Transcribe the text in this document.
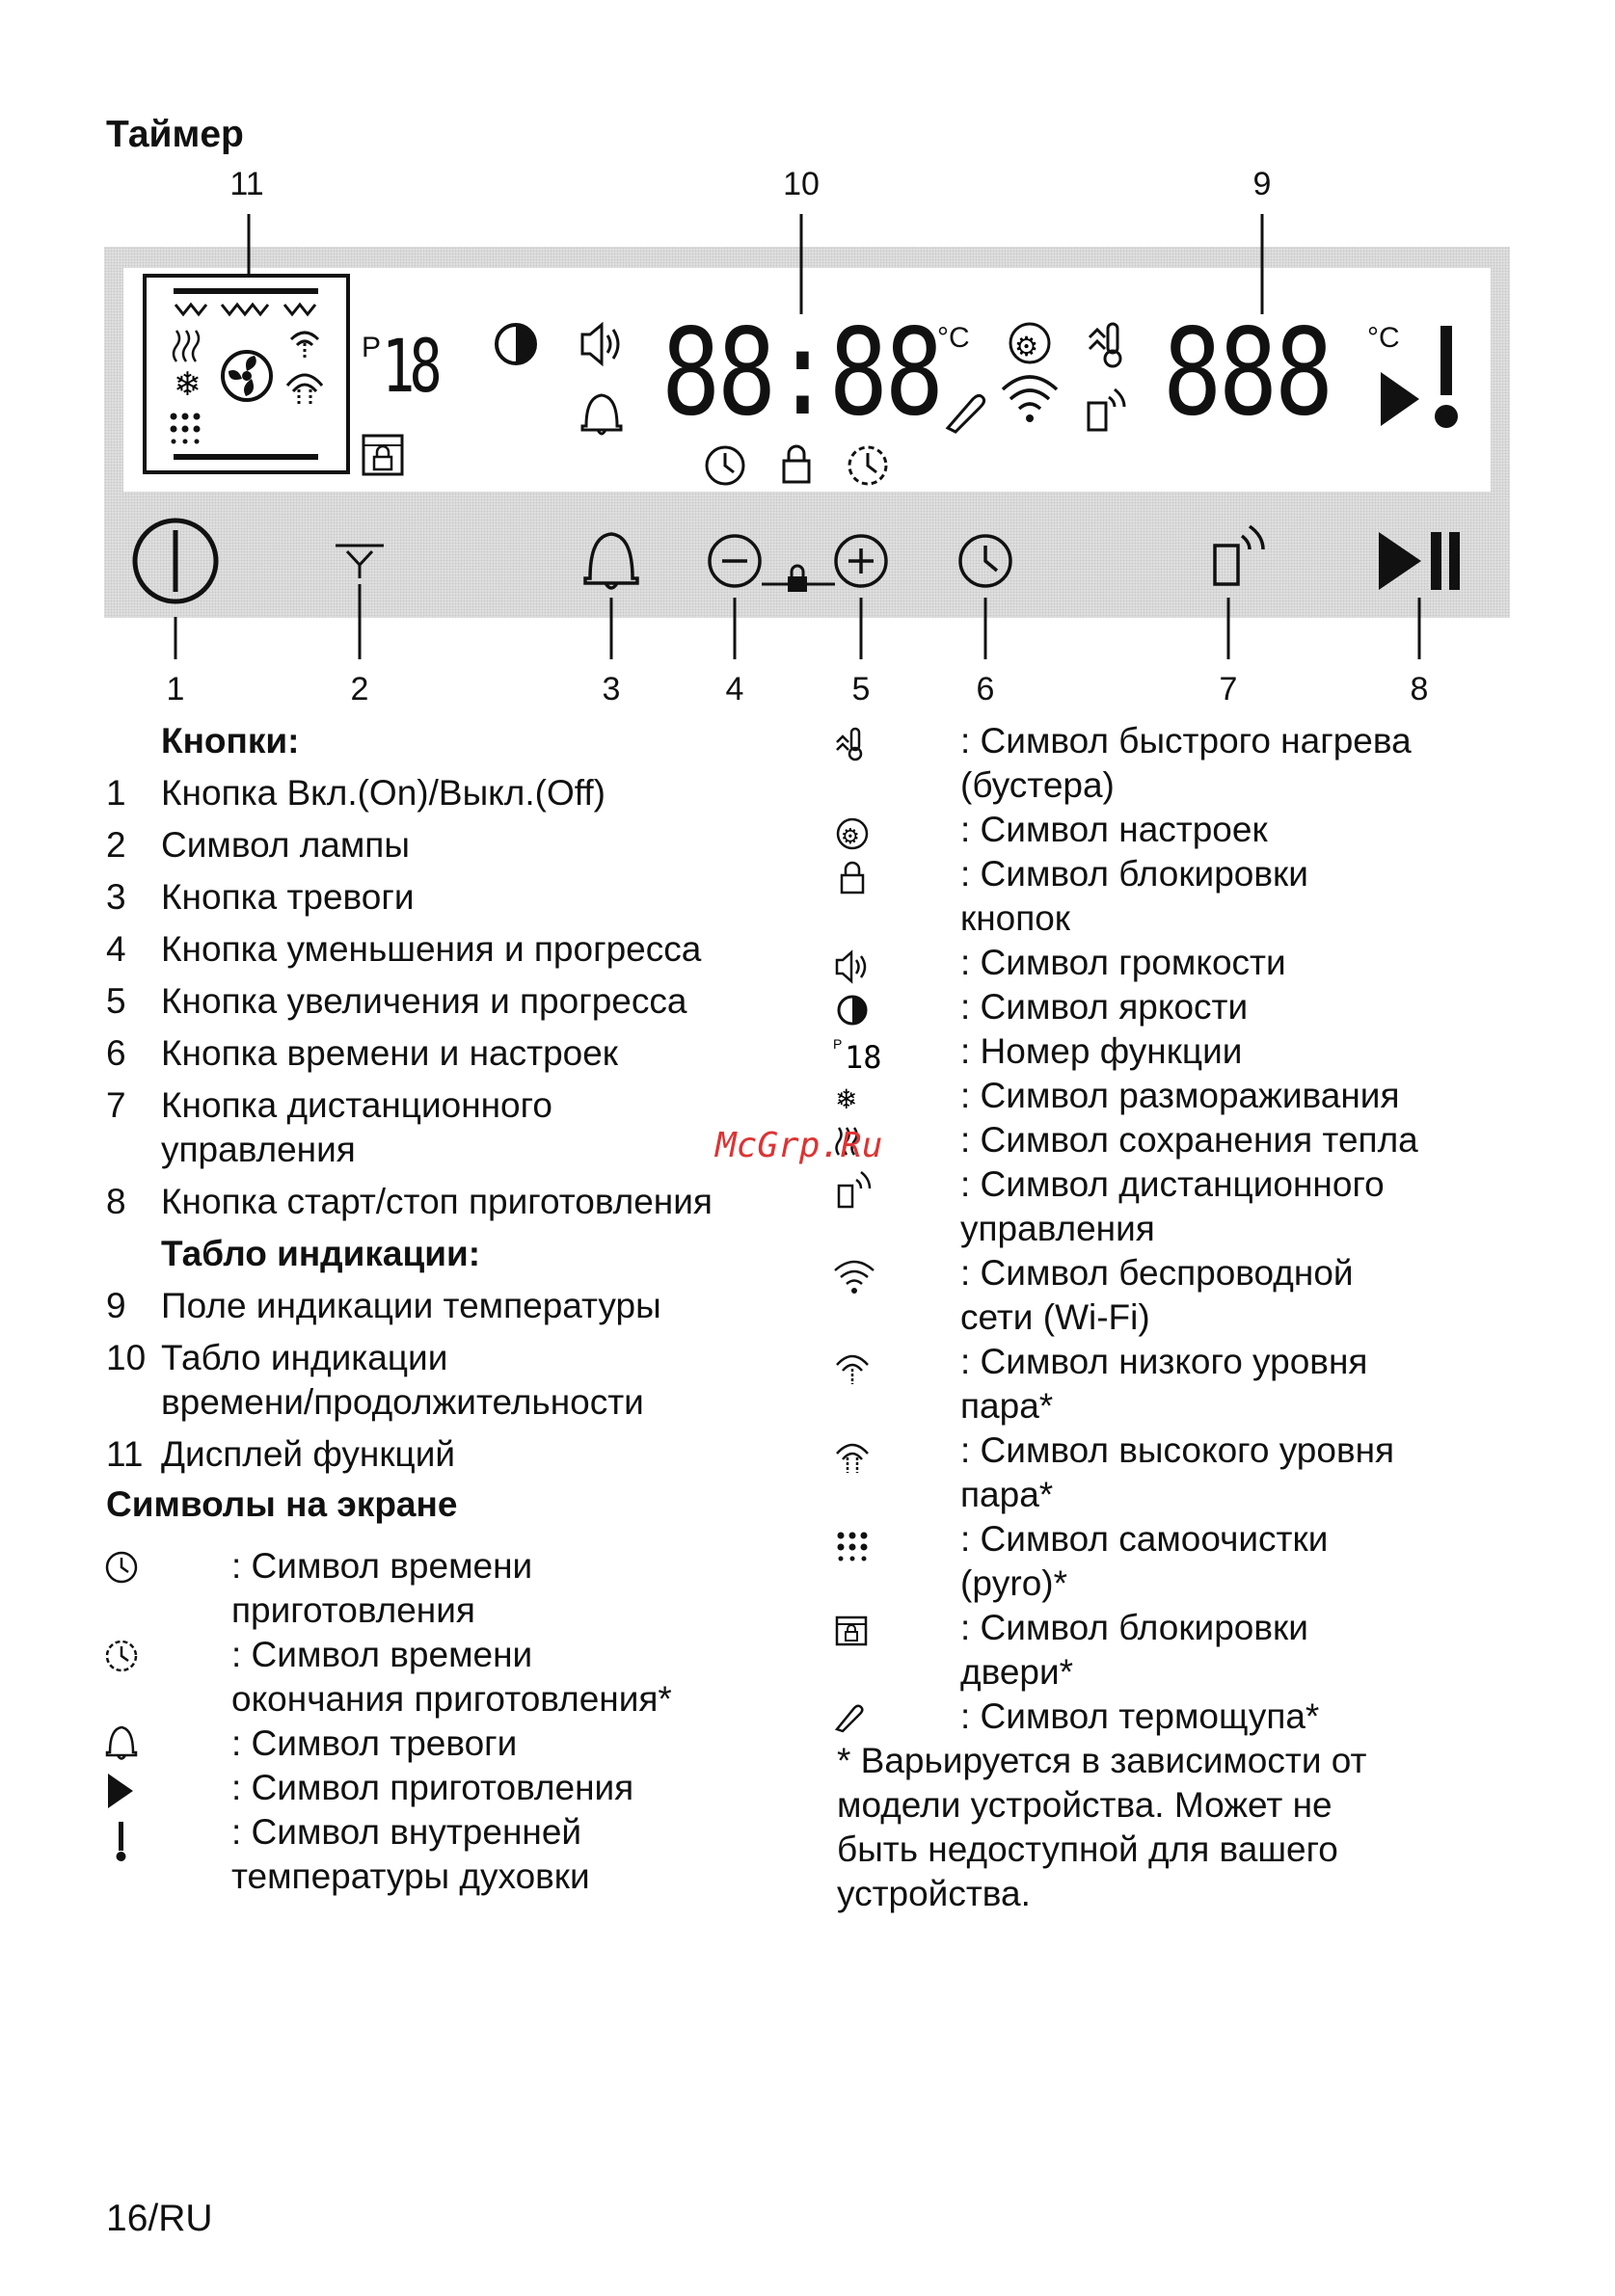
Таймер
11	10	9
❄
⚙
P 18 88:88
°C 888 °C
1	2	3	4	5	6	7	8
Кнопки:
1 Кнопка Вкл.(On)/Выкл.(Off)
2 Символ лампы
3 Кнопка тревоги
4 Кнопка уменьшения и прогресса
5 Кнопка увеличения и прогресса
6 Кнопка времени и настроек
7 Кнопка дистанционного
управления
8 Кнопка старт/стоп приготовления
Табло индикации:
9 Поле индикации температуры
10 Табло индикации
времени/продолжительности
11 Дисплей функций
Символы на экране
: Символ времени
приготовления
: Символ времени
окончания приготовления*
: Символ тревоги
: Символ приготовления
: Символ внутренней
температуры духовки
⚙
P 18
❄
: Символ быстрого нагрева
(бустера)
: Символ настроек
: Символ блокировки
кнопок
: Символ громкости
: Символ яркости
: Номер функции
: Символ размораживания
: Символ сохранения тепла
: Символ дистанционного
управления
: Символ беспроводной
сети (Wi-Fi)
: Символ низкого уровня
пара*
: Символ высокого уровня
пара*
: Символ самоочистки
(pyro)*
: Символ блокировки
двери*
: Символ термощупа*
* Варьируется в зависимости от
модели устройства. Может не
быть недоступной для вашего
устройства.
McGrp.Ru
16/RU
